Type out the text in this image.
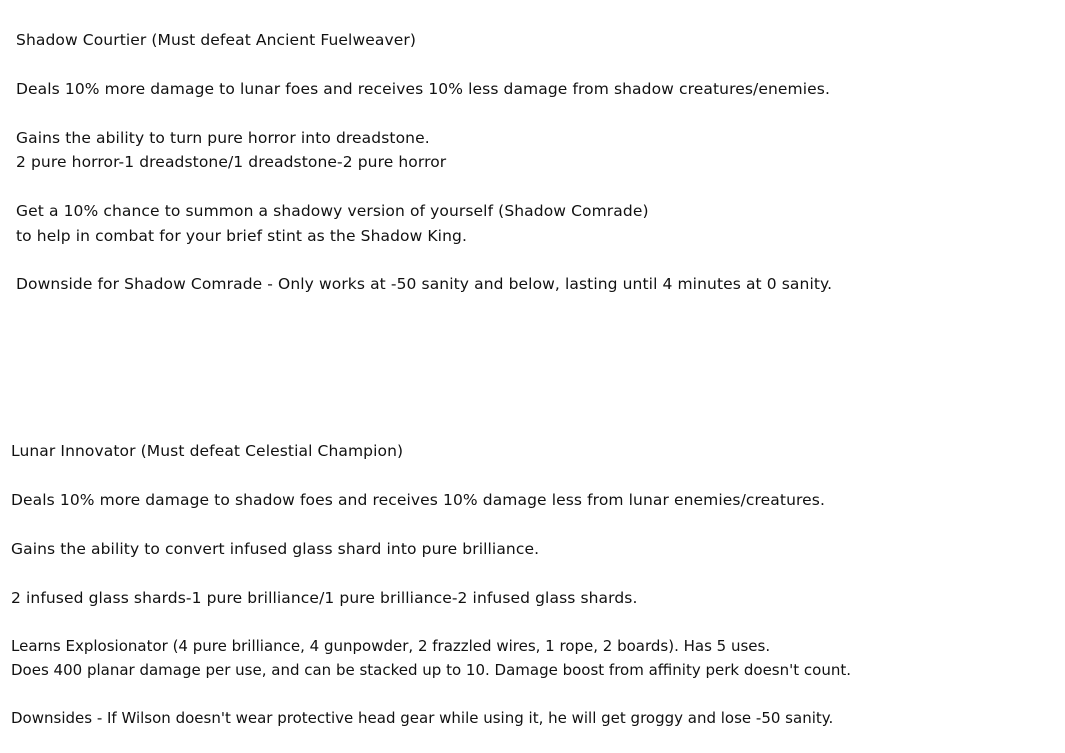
Shadow Courtier (Must defeat Ancient Fuelweaver)

Deals 10% more damage to lunar foes and receives 10% less damage from shadow creatures/enemies.

Gains the ability to turn pure horror into dreadstone.

2 pure horror-1 dreadstone/1 dreadstone-2 pure horror

Get a 10% chance to summon a shadowy version of yourself (Shadow Comrade)

to help in combat for your brief stint as the Shadow King.

Downside for Shadow Comrade - Only works at -50 sanity and below, lasting until 4 minutes at 0 sanity.

Lunar Innovator (Must defeat Celestial Champion)

Deals 10% more damage to shadow foes and receives 10% damage less from lunar enemies/creatures.

Gains the ability to convert infused glass shard into pure brilliance.

2 infused glass shards-1 pure brilliance/1 pure brilliance-2 infused glass shards.

Learns Explosionator (4 pure brilliance, 4 gunpowder, 2 frazzled wires, 1 rope, 2 boards). Has 5 uses.

Does 400 planar damage per use, and can be stacked up to 10. Damage boost from affinity perk doesn't count.

Downsides - If Wilson doesn't wear protective head gear while using it, he will get groggy and lose -50 sanity.
